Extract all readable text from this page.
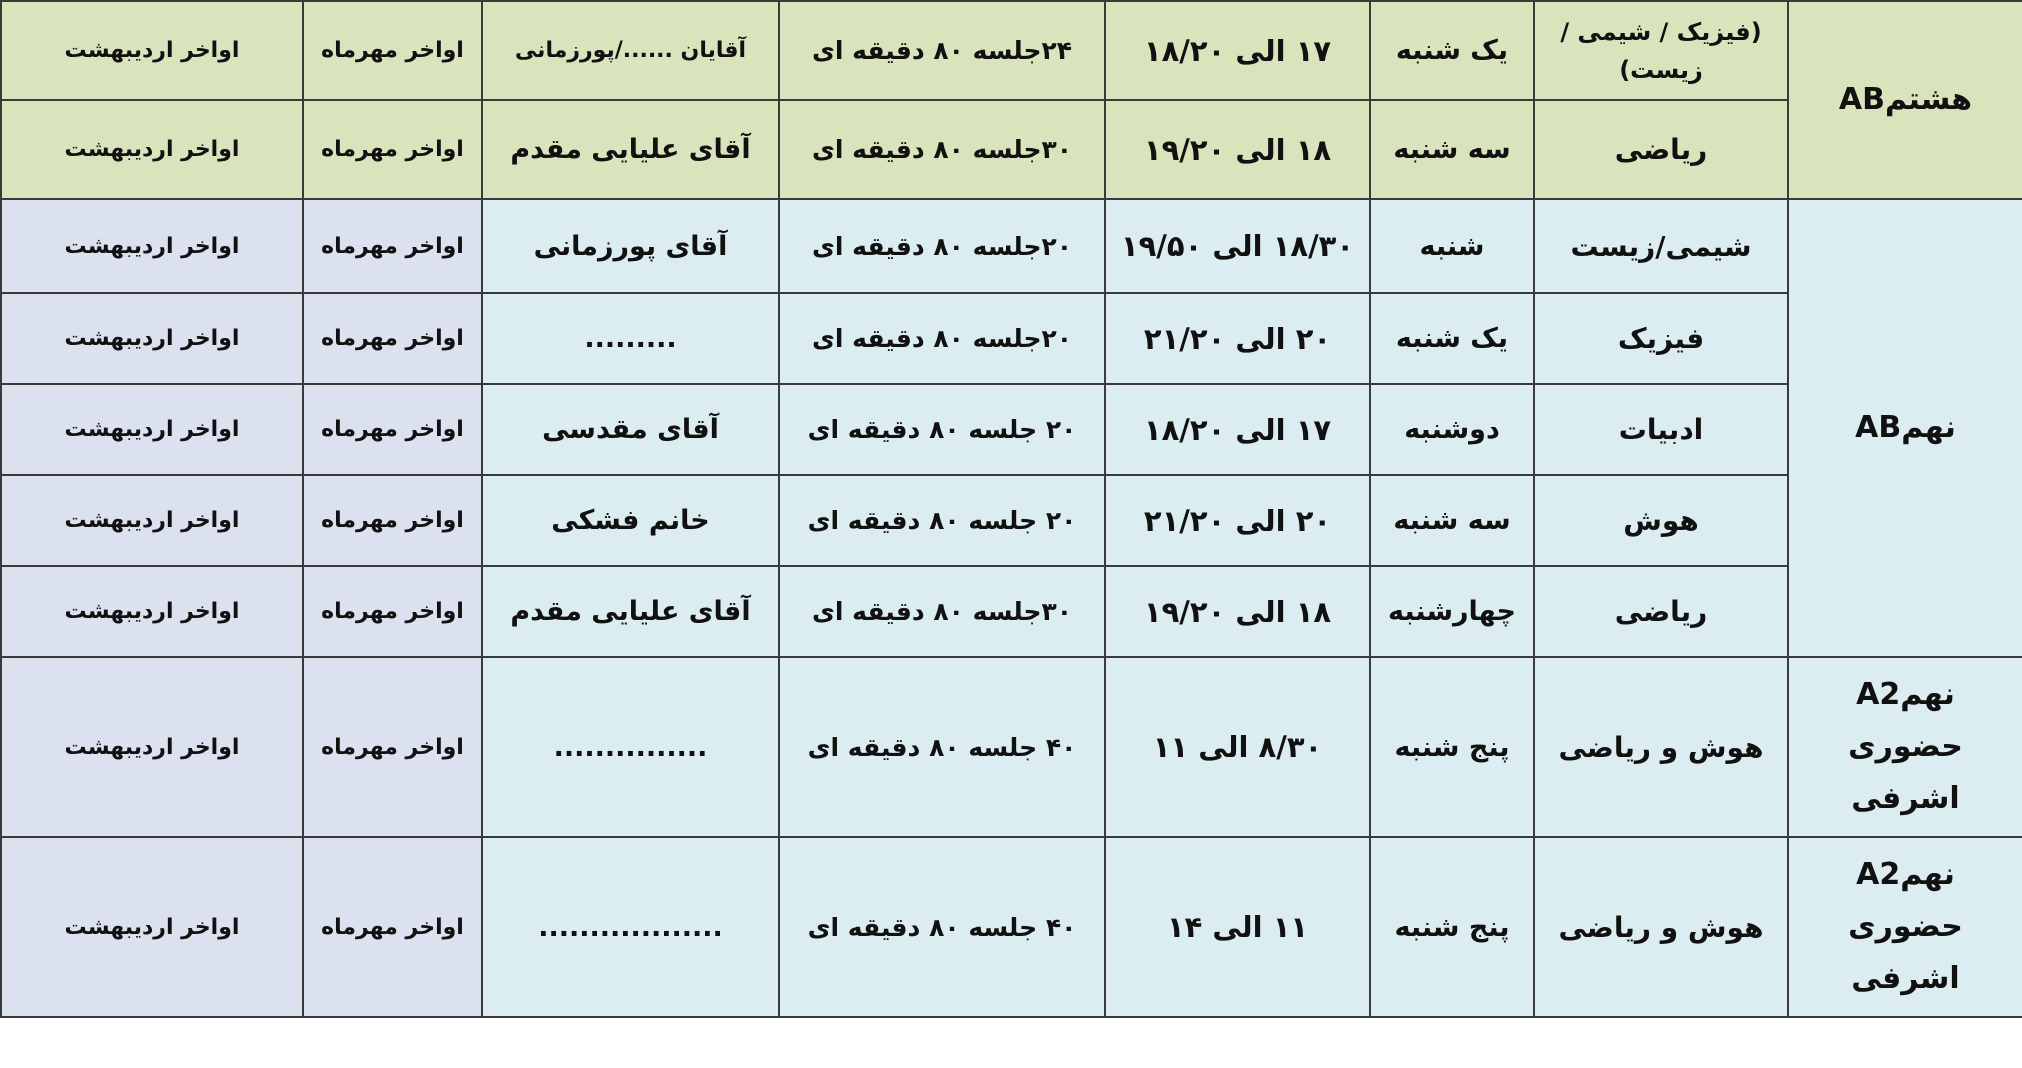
هشتمAB	(فیزیک / شیمی / زیست)	یک شنبه	۱۷ الی ۱۸/۲۰	۲۴جلسه ۸۰ دقیقه ای	آقایان ....../پورزمانی	اواخر مهرماه	اواخر اردیبهشت
	ریاضی	سه شنبه	۱۸ الی ۱۹/۲۰	۳۰جلسه ۸۰ دقیقه ای	آقای علیایی مقدم	اواخر مهرماه	اواخر اردیبهشت
نهمAB	شیمی/زیست	شنبه	۱۸/۳۰ الی ۱۹/۵۰	۲۰جلسه ۸۰ دقیقه ای	آقای پورزمانی	اواخر مهرماه	اواخر اردیبهشت
	فیزیک	یک شنبه	۲۰ الی ۲۱/۲۰	۲۰جلسه ۸۰ دقیقه ای	.........	اواخر مهرماه	اواخر اردیبهشت
	ادبیات	دوشنبه	۱۷ الی ۱۸/۲۰	۲۰ جلسه ۸۰ دقیقه ای	آقای مقدسی	اواخر مهرماه	اواخر اردیبهشت
	هوش	سه شنبه	۲۰ الی ۲۱/۲۰	۲۰ جلسه ۸۰ دقیقه ای	خانم فشکی	اواخر مهرماه	اواخر اردیبهشت
	ریاضی	چهارشنبه	۱۸ الی ۱۹/۲۰	۳۰جلسه ۸۰ دقیقه ای	آقای علیایی مقدم	اواخر مهرماه	اواخر اردیبهشت
نهمA2
حضوری
اشرفی	هوش و ریاضی	پنج شنبه	۸/۳۰ الی ۱۱	۴۰ جلسه ۸۰ دقیقه ای	...............	اواخر مهرماه	اواخر اردیبهشت
نهمA2
حضوری
اشرفی	هوش و ریاضی	پنج شنبه	۱۱ الی ۱۴	۴۰ جلسه ۸۰ دقیقه ای	..................	اواخر مهرماه	اواخر اردیبهشت
